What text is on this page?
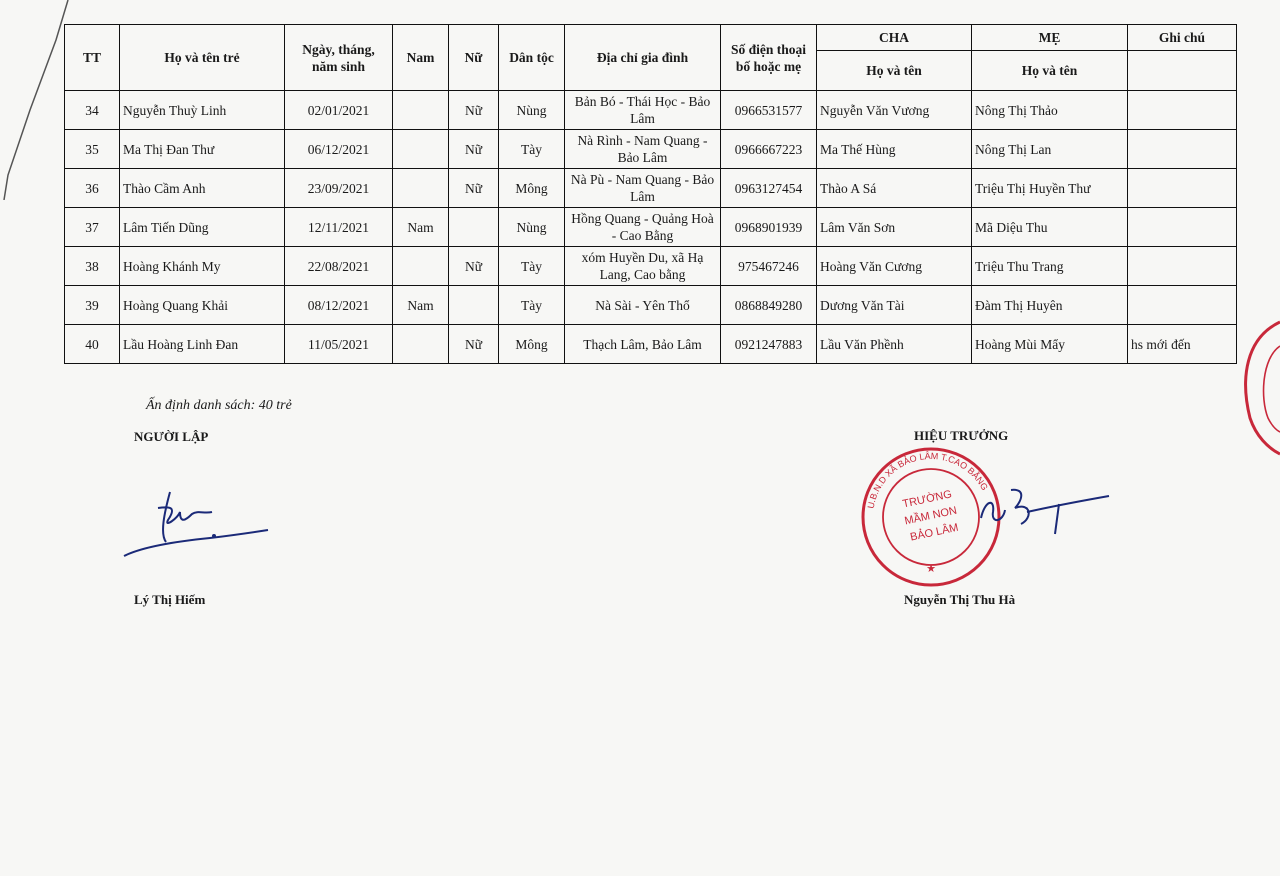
TT	Họ và tên trẻ	Ngày, tháng, năm sinh	Nam	Nữ	Dân tộc	Địa chỉ gia đình	Số điện thoại bố hoặc mẹ	CHA	MẸ	Ghi chú
								Họ và tên	Họ và tên	
34	Nguyễn Thuỳ Linh	02/01/2021		Nữ	Nùng	Bản Bó - Thái Học - Bảo Lâm	0966531577	Nguyễn Văn Vương	Nông Thị Thảo	
35	Ma Thị Đan Thư	06/12/2021		Nữ	Tày	Nà Rình - Nam Quang - Bảo Lâm	0966667223	Ma Thế Hùng	Nông Thị Lan	
36	Thào Cầm Anh	23/09/2021		Nữ	Mông	Nà Pù - Nam Quang - Bảo Lâm	0963127454	Thào A Sá	Triệu Thị Huyền Thư	
37	Lâm Tiến Dũng	12/11/2021	Nam		Nùng	Hồng Quang - Quảng Hoà - Cao Bằng	0968901939	Lâm Văn Sơn	Mã Diệu Thu	
38	Hoàng Khánh My	22/08/2021		Nữ	Tày	xóm Huyền Du, xã Hạ Lang, Cao bằng	975467246	Hoàng Văn Cương	Triệu Thu Trang	
39	Hoàng Quang Khải	08/12/2021	Nam		Tày	Nà Sài - Yên Thổ	0868849280	Dương Văn Tài	Đàm Thị Huyên	
40	Lầu Hoàng Linh Đan	11/05/2021		Nữ	Mông	Thạch Lâm, Bảo Lâm	0921247883	Lầu Văn Phềnh	Hoàng Mùi Mẩy	hs mới đến
Ấn định danh sách: 40 trẻ
NGƯỜI LẬP	HIỆU TRƯỞNG
Lý Thị Hiếm
TRƯỜNG
MẦM NON
BẢO LÂM
U.B.N.D XÃ BẢO LÂM T.CAO BẰNG
★
Nguyễn Thị Thu Hà
